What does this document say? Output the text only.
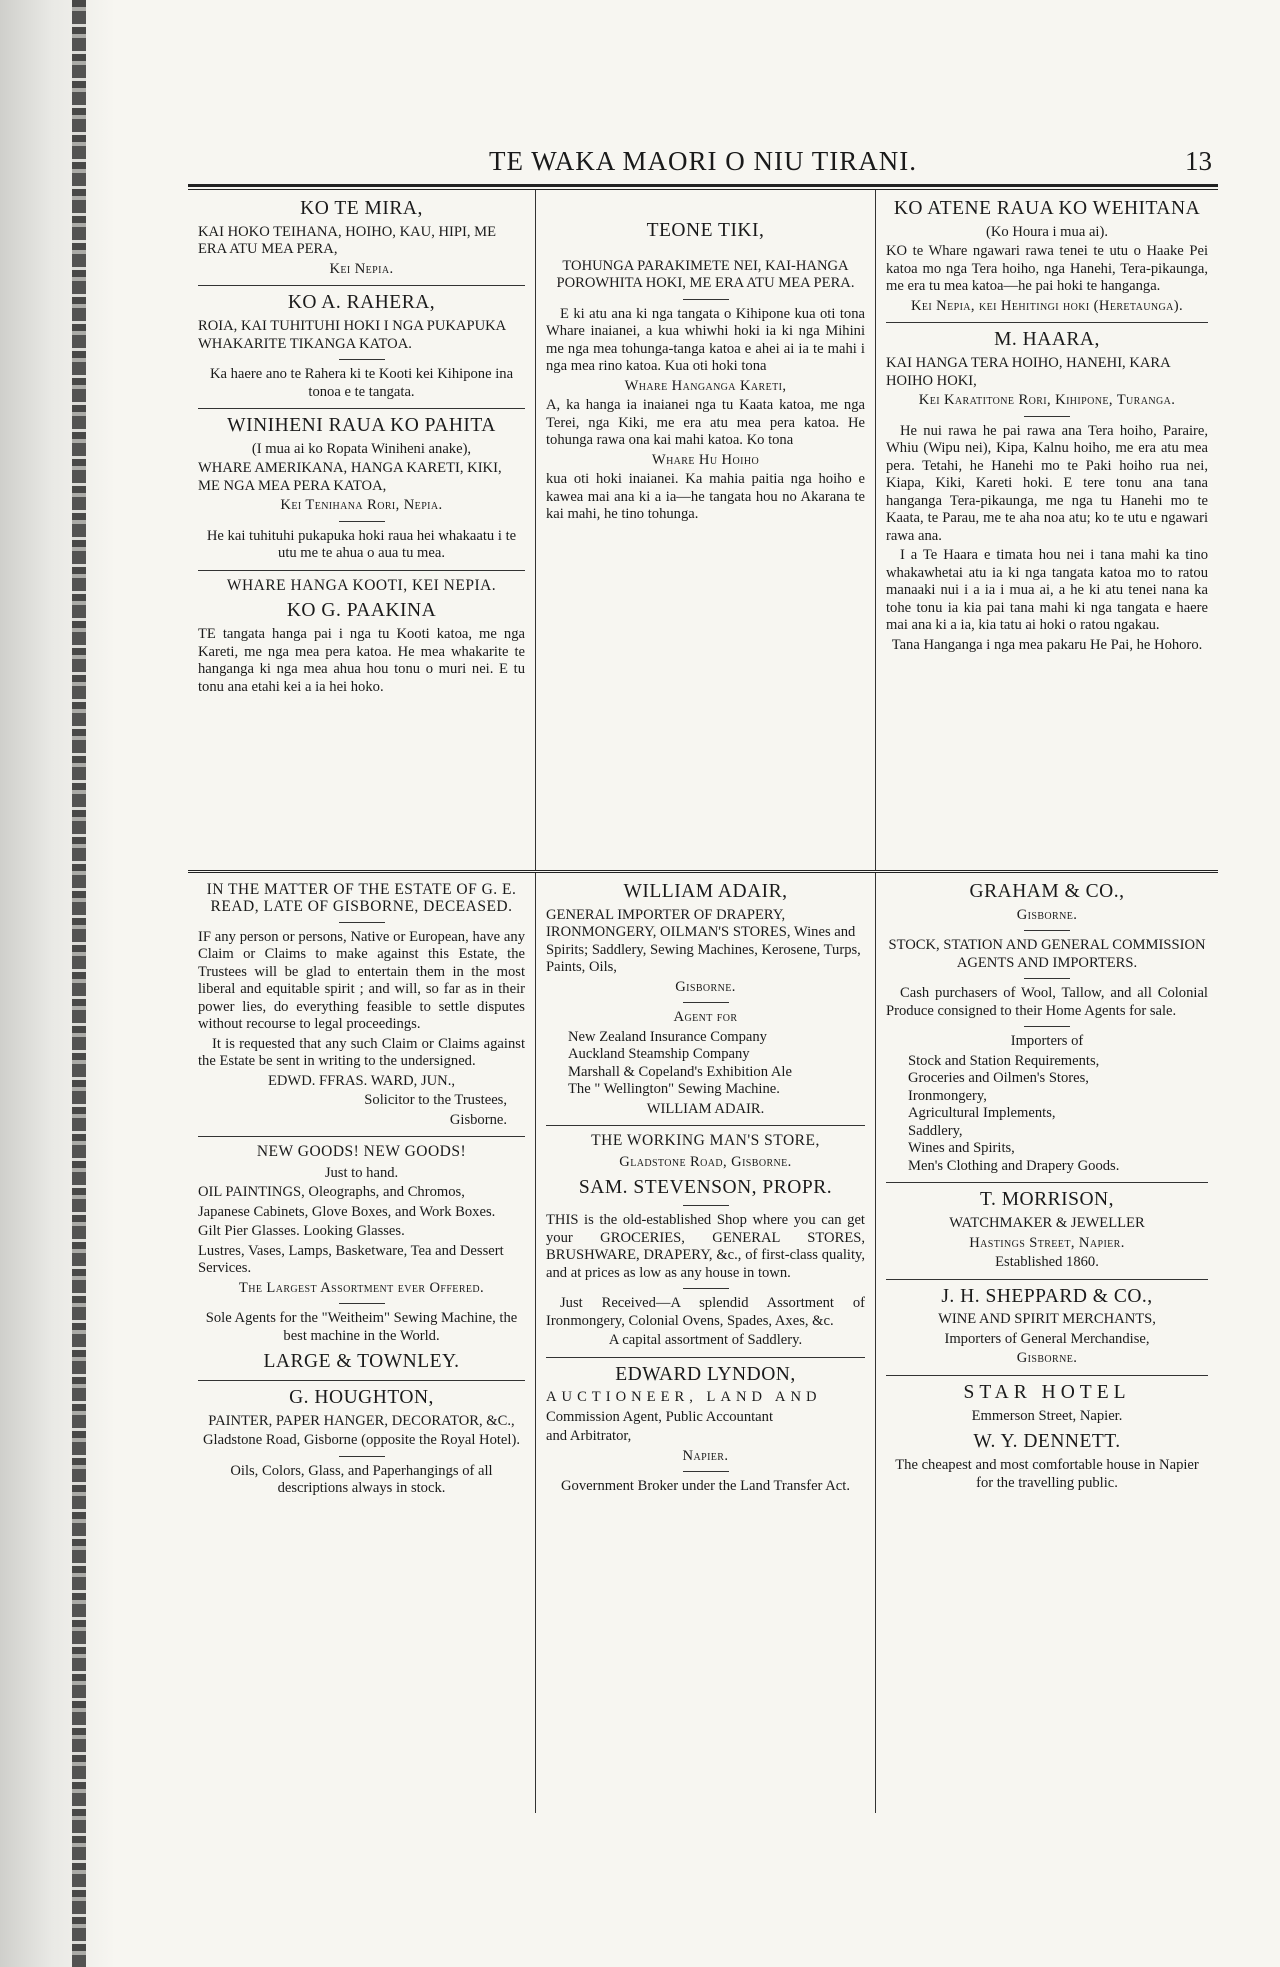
TE WAKA MAORI O NIU TIRANI.	13
KO TE MIRA,

KAI HOKO TEIHANA, HOIHO, KAU, HIPI, ME ERA ATU MEA PERA,

Kei Nepia.

KO A. RAHERA,

ROIA, KAI TUHITUHI HOKI I NGA PUKAPUKA WHAKARITE TIKANGA KATOA.

Ka haere ano te Rahera ki te Kooti kei Kihipone ina tonoa e te tangata.

WINIHENI RAUA KO PAHITA

(I mua ai ko Ropata Winiheni anake),

WHARE AMERIKANA, HANGA KARETI, KIKI, ME NGA MEA PERA KATOA,

Kei Tenihana Rori, Nepia.

He kai tuhituhi pukapuka hoki raua hei whakaatu i te utu me te ahua o aua tu mea.

WHARE HANGA KOOTI, KEI NEPIA.
KO G. PAAKINA

TE tangata hanga pai i nga tu Kooti katoa, me nga Kareti, me nga mea pera katoa. He mea whakarite te hanganga ki nga mea ahua hou tonu o muri nei. E tu tonu ana etahi kei a ia hei hoko.

TEONE TIKI,

TOHUNGA PARAKIMETE NEI, KAI-HANGA POROWHITA HOKI, ME ERA ATU MEA PERA.

E ki atu ana ki nga tangata o Kihipone kua oti tona Whare inaianei, a kua whiwhi hoki ia ki nga Mihini me nga mea tohunga-tanga katoa e ahei ai ia te mahi i nga mea rino katoa. Kua oti hoki tona

Whare Hanganga Kareti,

A, ka hanga ia inaianei nga tu Kaata katoa, me nga Terei, nga Kiki, me era atu mea pera katoa. He tohunga rawa ona kai mahi katoa. Ko tona

Whare Hu Hoiho

kua oti hoki inaianei. Ka mahia paitia nga hoiho e kawea mai ana ki a ia—he tangata hou no Akarana te kai mahi, he tino tohunga.

KO ATENE RAUA KO WEHITANA

(Ko Houra i mua ai).

KO te Whare ngawari rawa tenei te utu o Haake Pei katoa mo nga Tera hoiho, nga Hanehi, Tera-pikaunga, me era tu mea katoa—he pai hoki te hanganga.

Kei Nepia, kei Hehitingi hoki (Heretaunga).

M. HAARA,

KAI HANGA TERA HOIHO, HANEHI, KARA HOIHO HOKI,

Kei Karatitone Rori, Kihipone, Turanga.

He nui rawa he pai rawa ana Tera hoiho, Paraire, Whiu (Wipu nei), Kipa, Kalnu hoiho, me era atu mea pera. Tetahi, he Hanehi mo te Paki hoiho rua nei, Kiapa, Kiki, Kareti hoki. E tere tonu ana tana hanganga Tera-pikaunga, me nga tu Hanehi mo te Kaata, te Parau, me te aha noa atu; ko te utu e ngawari rawa ana.

I a Te Haara e timata hou nei i tana mahi ka tino whakawhetai atu ia ki nga tangata katoa mo to ratou manaaki nui i a ia i mua ai, a he ki atu tenei nana ka tohe tonu ia kia pai tana mahi ki nga tangata e haere mai ana ki a ia, kia tatu ai hoki o ratou ngakau.

Tana Hanganga i nga mea pakaru He Pai, he Hohoro.

IN THE MATTER OF THE ESTATE OF G. E. READ, LATE OF GISBORNE, DECEASED.

IF any person or persons, Native or European, have any Claim or Claims to make against this Estate, the Trustees will be glad to entertain them in the most liberal and equitable spirit ; and will, so far as in their power lies, do everything feasible to settle disputes without recourse to legal proceedings.

It is requested that any such Claim or Claims against the Estate be sent in writing to the undersigned.

EDWD. FFRAS. WARD, JUN.,

Solicitor to the Trustees,

Gisborne.

NEW GOODS! NEW GOODS!

Just to hand.

OIL PAINTINGS, Oleographs, and Chromos,

Japanese Cabinets, Glove Boxes, and Work Boxes.

Gilt Pier Glasses. Looking Glasses.

Lustres, Vases, Lamps, Basketware, Tea and Dessert Services.

The Largest Assortment ever Offered.

Sole Agents for the "Weitheim" Sewing Machine, the best machine in the World.

LARGE & TOWNLEY.
G. HOUGHTON,

PAINTER, PAPER HANGER, DECORATOR, &C.,

Gladstone Road, Gisborne (opposite the Royal Hotel).

Oils, Colors, Glass, and Paperhangings of all descriptions always in stock.

WILLIAM ADAIR,

GENERAL IMPORTER OF DRAPERY, IRONMONGERY, OILMAN'S STORES, Wines and Spirits; Saddlery, Sewing Machines, Kerosene, Turps, Paints, Oils,

Gisborne.

Agent for

New Zealand Insurance Company
Auckland Steamship Company
Marshall & Copeland's Exhibition Ale
The " Wellington" Sewing Machine.

WILLIAM ADAIR.

THE WORKING MAN'S STORE,

Gladstone Road, Gisborne.

SAM. STEVENSON, PROPR.

THIS is the old-established Shop where you can get your GROCERIES, GENERAL STORES, BRUSHWARE, DRAPERY, &c., of first-class quality, and at prices as low as any house in town.

Just Received—A splendid Assortment of Ironmongery, Colonial Ovens, Spades, Axes, &c.

A capital assortment of Saddlery.

EDWARD LYNDON,

AUCTIONEER, LAND AND

Commission Agent, Public Accountant

and Arbitrator,

Napier.

Government Broker under the Land Transfer Act.

GRAHAM & CO.,

Gisborne.

STOCK, STATION AND GENERAL COMMISSION AGENTS AND IMPORTERS.

Cash purchasers of Wool, Tallow, and all Colonial Produce consigned to their Home Agents for sale.

Importers of

Stock and Station Requirements,
Groceries and Oilmen's Stores,
Ironmongery,
Agricultural Implements,
Saddlery,
Wines and Spirits,
Men's Clothing and Drapery Goods.
T. MORRISON,

WATCHMAKER & JEWELLER

Hastings Street, Napier.

Established 1860.

J. H. SHEPPARD & CO.,

WINE AND SPIRIT MERCHANTS,

Importers of General Merchandise,

Gisborne.

STAR HOTEL

Emmerson Street, Napier.

W. Y. DENNETT.

The cheapest and most comfortable house in Napier for the travelling public.
